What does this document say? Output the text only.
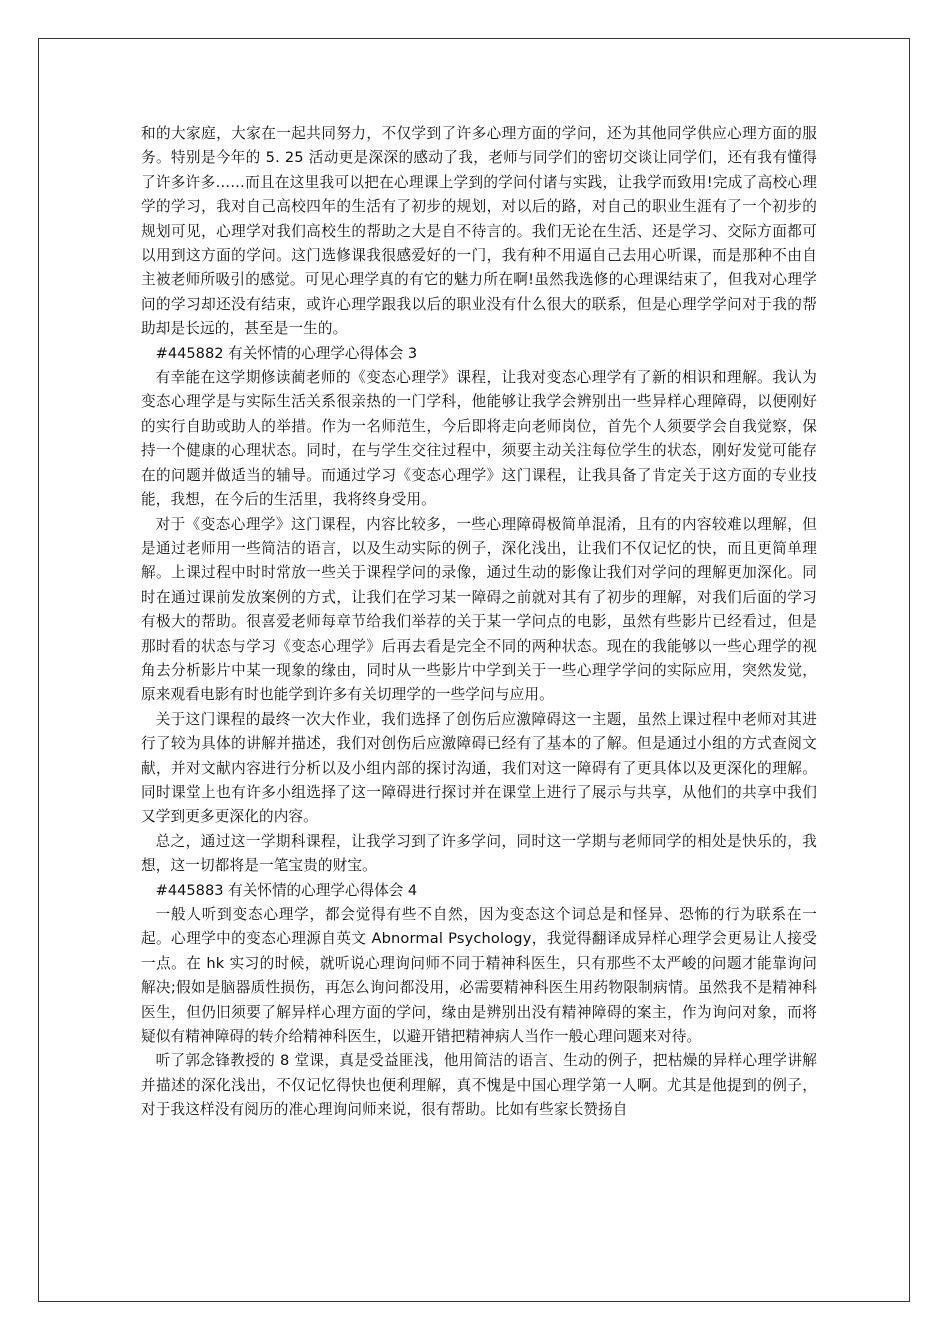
和的大家庭，大家在一起共同努力，不仅学到了许多心理方面的学问，还为其他同学供应心理方面的服务。特别是今年的 5. 25 活动更是深深的感动了我，老师与同学们的密切交谈让同学们，还有我有懂得了许多许多……而且在这里我可以把在心理课上学到的学问付诸与实践，让我学而致用!完成了高校心理学的学习，我对自己高校四年的生活有了初步的规划，对以后的路，对自己的职业生涯有了一个初步的规划可见，心理学对我们高校生的帮助之大是自不待言的。我们无论在生活、还是学习、交际方面都可以用到这方面的学问。这门选修课我很感爱好的一门，我有种不用逼自己去用心听课，而是那种不由自主被老师所吸引的感觉。可见心理学真的有它的魅力所在啊!虽然我选修的心理课结束了，但我对心理学问的学习却还没有结束，或许心理学跟我以后的职业没有什么很大的联系，但是心理学学问对于我的帮助却是长远的，甚至是一生的。

#445882 有关怀情的心理学心得体会 3

有幸能在这学期修读蔺老师的《变态心理学》课程，让我对变态心理学有了新的相识和理解。我认为变态心理学是与实际生活关系很亲热的一门学科，他能够让我学会辨别出一些异样心理障碍，以便刚好的实行自助或助人的举措。作为一名师范生，今后即将走向老师岗位，首先个人须要学会自我觉察，保持一个健康的心理状态。同时，在与学生交往过程中，须要主动关注每位学生的状态，刚好发觉可能存在的问题并做适当的辅导。而通过学习《变态心理学》这门课程，让我具备了肯定关于这方面的专业技能，我想，在今后的生活里，我将终身受用。

对于《变态心理学》这门课程，内容比较多，一些心理障碍极简单混淆，且有的内容较难以理解，但是通过老师用一些简洁的语言，以及生动实际的例子，深化浅出，让我们不仅记忆的快，而且更简单理解。上课过程中时时常放一些关于课程学问的录像，通过生动的影像让我们对学问的理解更加深化。同时在通过课前发放案例的方式，让我们在学习某一障碍之前就对其有了初步的理解，对我们后面的学习有极大的帮助。很喜爱老师每章节给我们举荐的关于某一学问点的电影，虽然有些影片已经看过，但是那时看的状态与学习《变态心理学》后再去看是完全不同的两种状态。现在的我能够以一些心理学的视角去分析影片中某一现象的缘由，同时从一些影片中学到关于一些心理学学问的实际应用，突然发觉，原来观看电影有时也能学到许多有关切理学的一些学问与应用。

关于这门课程的最终一次大作业，我们选择了创伤后应激障碍这一主题，虽然上课过程中老师对其进行了较为具体的讲解并描述，我们对创伤后应激障碍已经有了基本的了解。但是通过小组的方式查阅文献，并对文献内容进行分析以及小组内部的探讨沟通，我们对这一障碍有了更具体以及更深化的理解。同时课堂上也有许多小组选择了这一障碍进行探讨并在课堂上进行了展示与共享，从他们的共享中我们又学到更多更深化的内容。

总之，通过这一学期科课程，让我学习到了许多学问，同时这一学期与老师同学的相处是快乐的，我想，这一切都将是一笔宝贵的财宝。

#445883 有关怀情的心理学心得体会 4

一般人听到变态心理学，都会觉得有些不自然，因为变态这个词总是和怪异、恐怖的行为联系在一起。心理学中的变态心理源自英文 Abnormal Psychology，我觉得翻译成异样心理学会更易让人接受一点。在 hk 实习的时候，就听说心理询问师不同于精神科医生，只有那些不太严峻的问题才能靠询问解决;假如是脑器质性损伤，再怎么询问都没用，必需要精神科医生用药物限制病情。虽然我不是精神科医生，但仍旧须要了解异样心理方面的学问，缘由是辨别出没有精神障碍的案主，作为询问对象，而将疑似有精神障碍的转介给精神科医生，以避开错把精神病人当作一般心理问题来对待。

听了郭念锋教授的 8 堂课，真是受益匪浅，他用简洁的语言、生动的例子，把枯燥的异样心理学讲解并描述的深化浅出，不仅记忆得快也便利理解，真不愧是中国心理学第一人啊。尤其是他提到的例子，对于我这样没有阅历的准心理询问师来说，很有帮助。比如有些家长赞扬自
